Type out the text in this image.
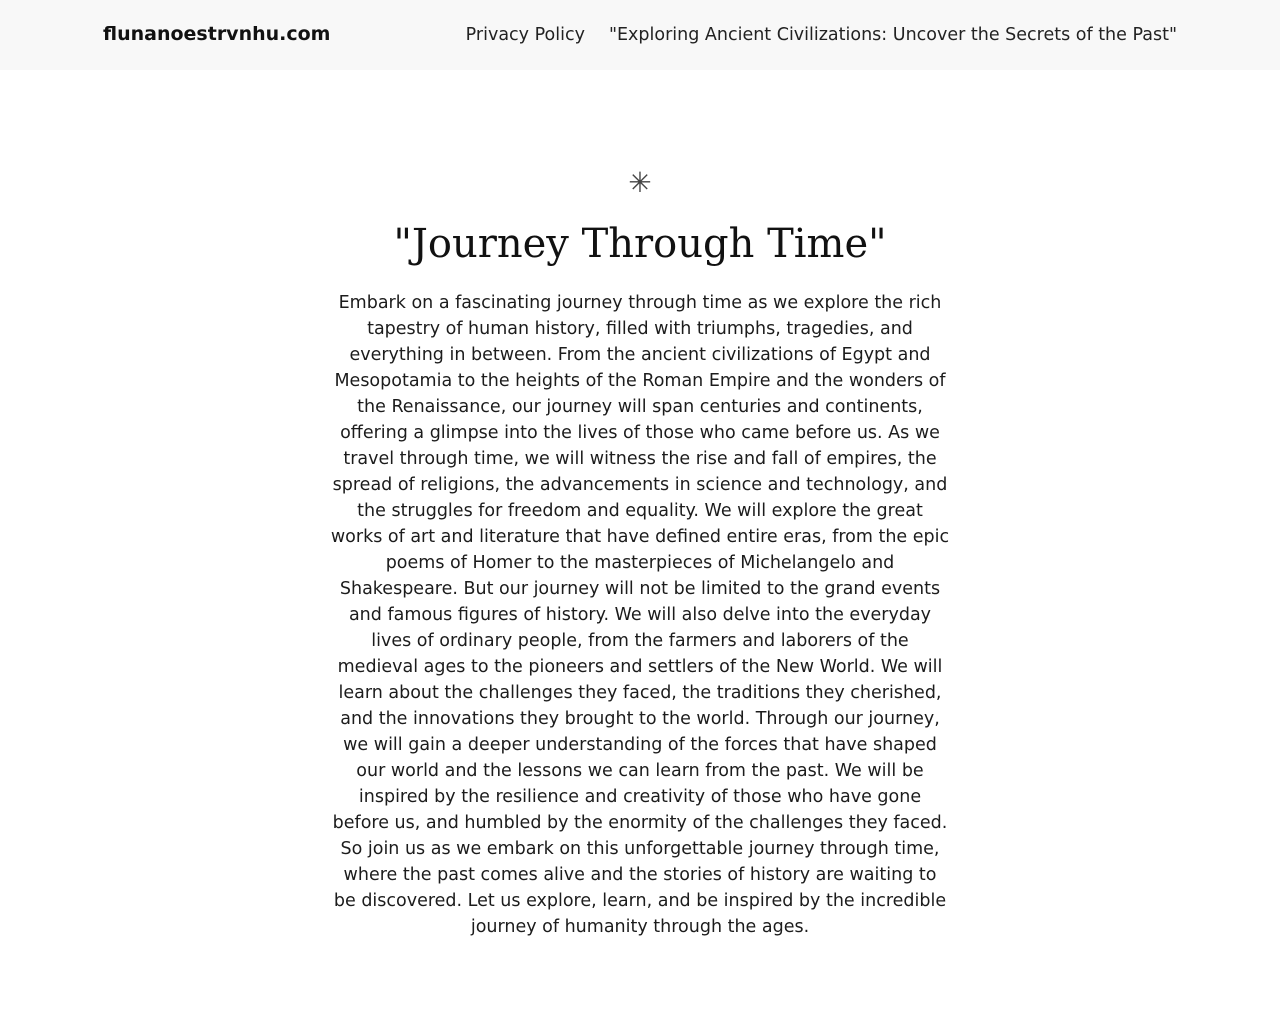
flunanoestrvnhu.com	Privacy Policy "Exploring Ancient Civilizations: Uncover the Secrets of the Past"
✳
"Journey Through Time"

Embark on a fascinating journey through time as we explore the rich tapestry of human history, filled with triumphs, tragedies, and everything in between. From the ancient civilizations of Egypt and Mesopotamia to the heights of the Roman Empire and the wonders of the Renaissance, our journey will span centuries and continents, offering a glimpse into the lives of those who came before us. As we travel through time, we will witness the rise and fall of empires, the spread of religions, the advancements in science and technology, and the struggles for freedom and equality. We will explore the great works of art and literature that have defined entire eras, from the epic poems of Homer to the masterpieces of Michelangelo and Shakespeare. But our journey will not be limited to the grand events and famous figures of history. We will also delve into the everyday lives of ordinary people, from the farmers and laborers of the medieval ages to the pioneers and settlers of the New World. We will learn about the challenges they faced, the traditions they cherished, and the innovations they brought to the world. Through our journey, we will gain a deeper understanding of the forces that have shaped our world and the lessons we can learn from the past. We will be inspired by the resilience and creativity of those who have gone before us, and humbled by the enormity of the challenges they faced. So join us as we embark on this unforgettable journey through time, where the past comes alive and the stories of history are waiting to be discovered. Let us explore, learn, and be inspired by the incredible journey of humanity through the ages.
